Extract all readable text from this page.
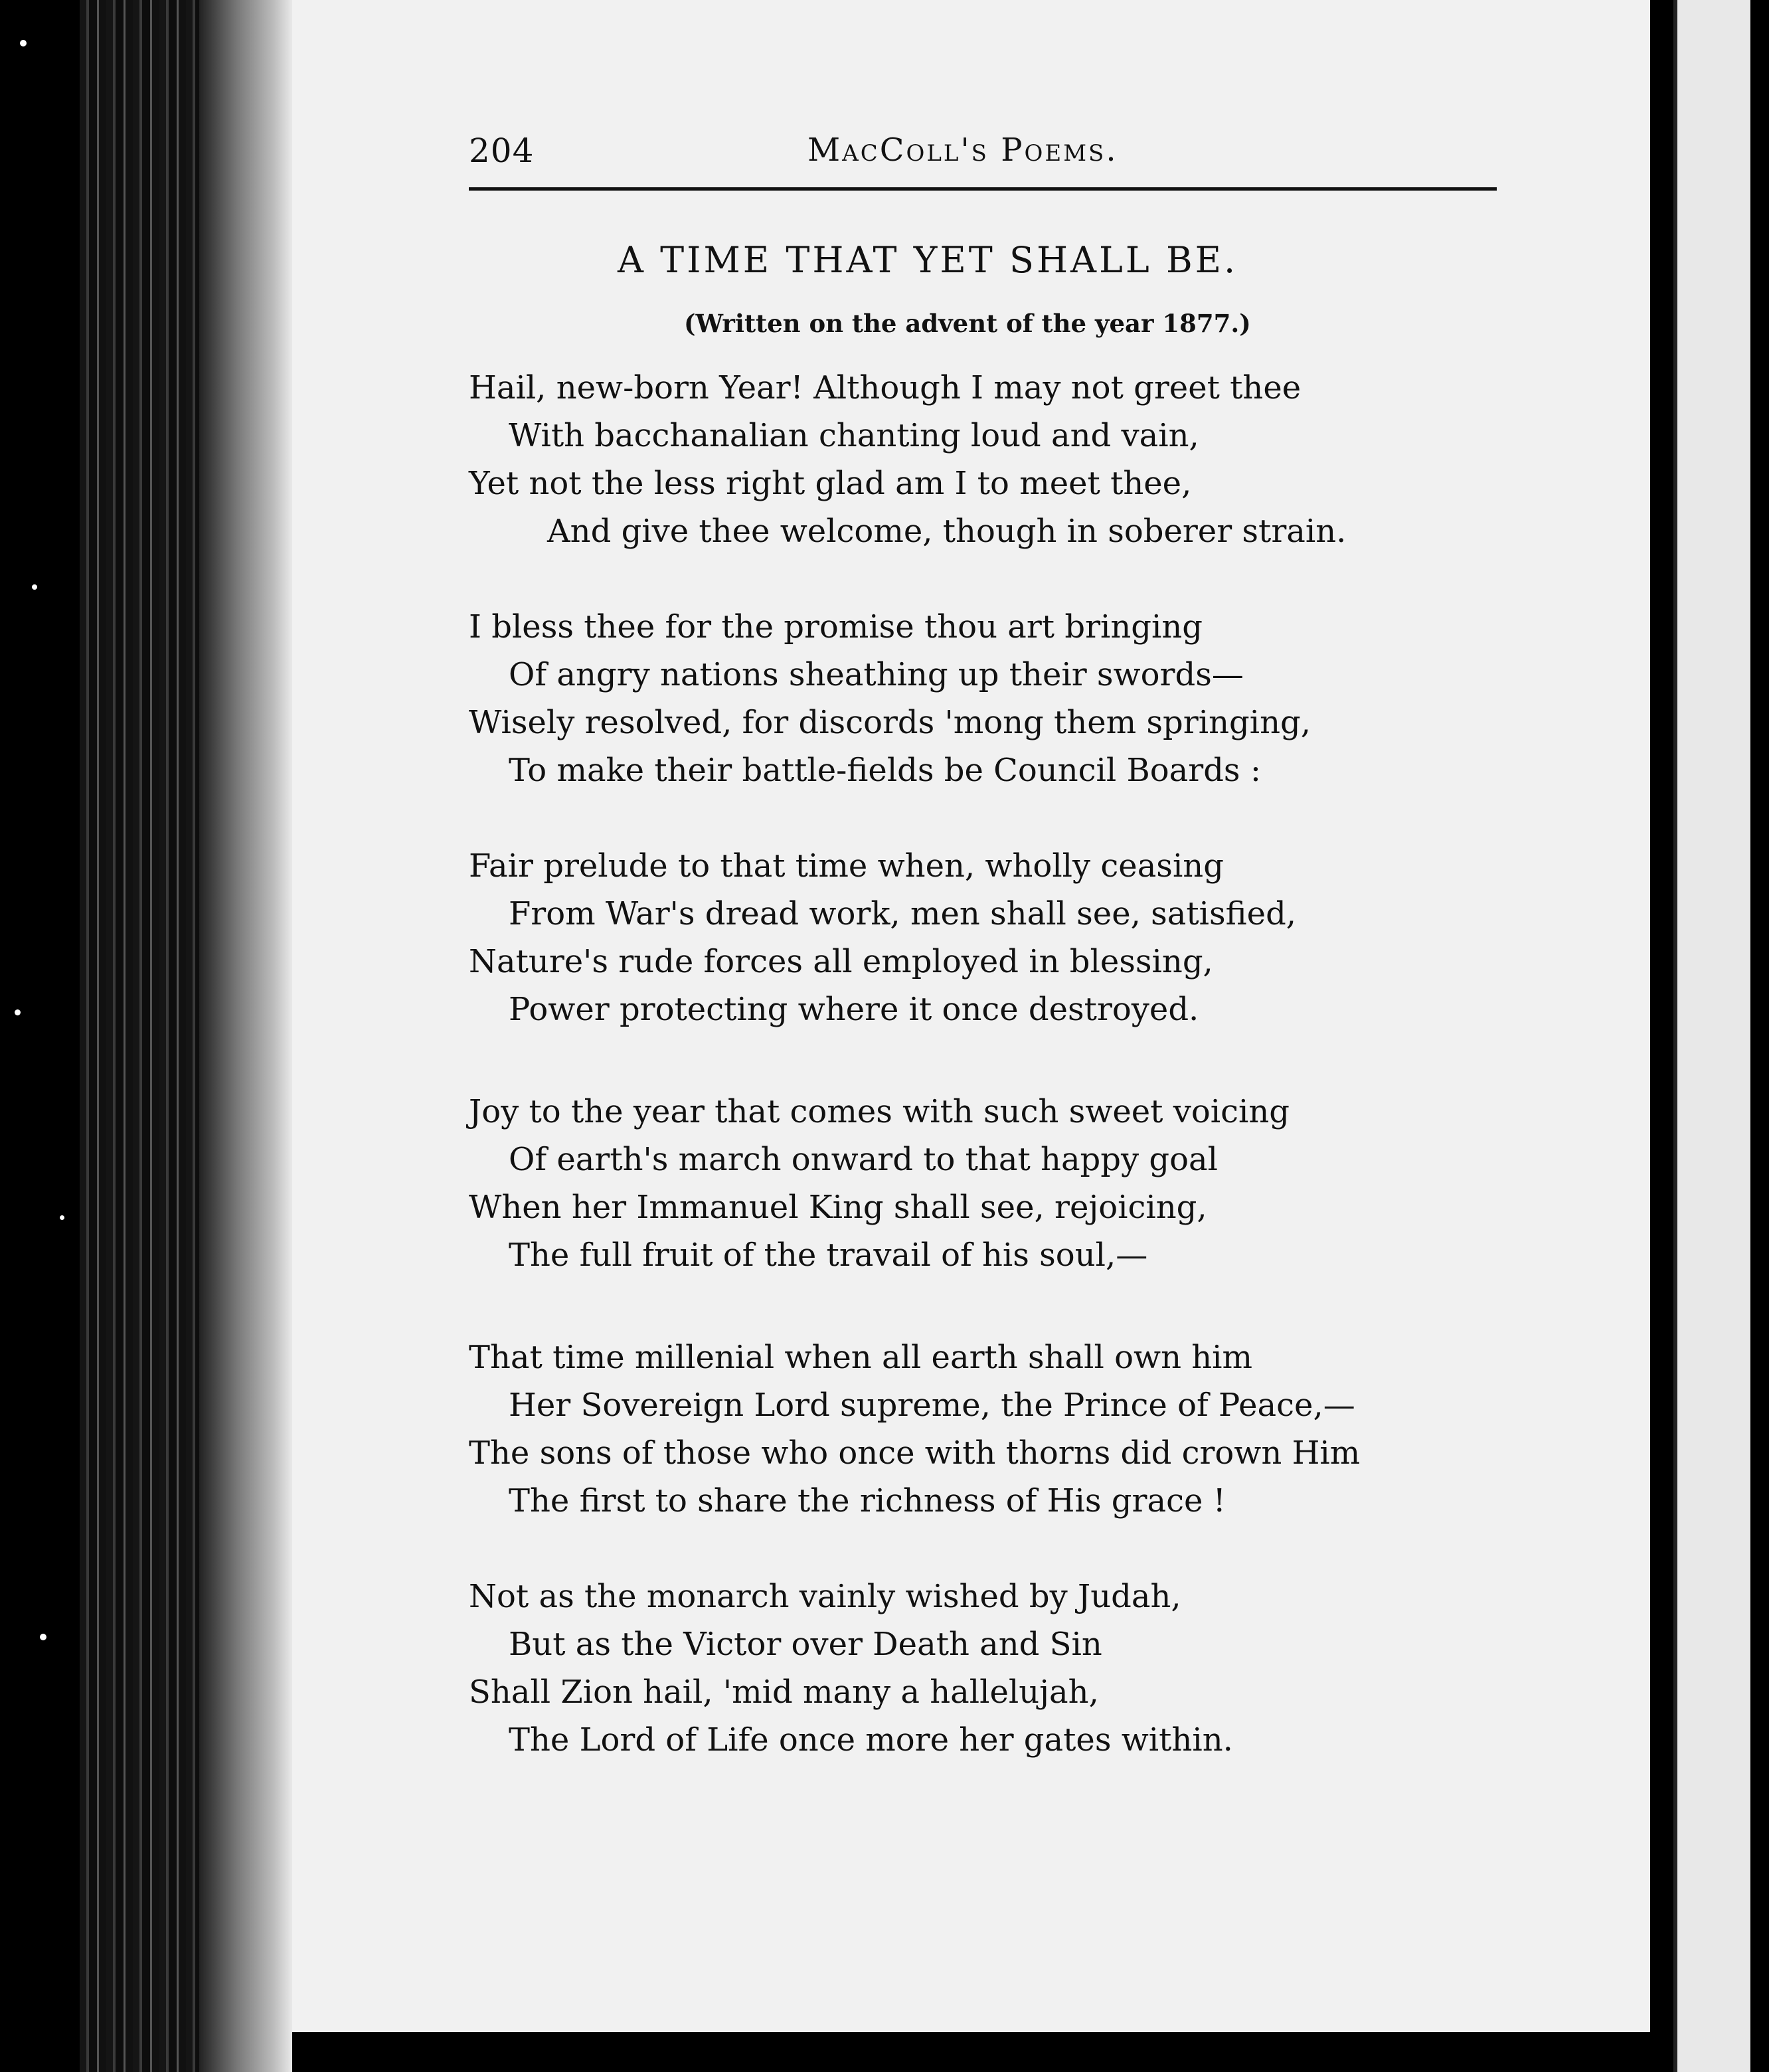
204	MacColl's Poems.
A TIME THAT YET SHALL BE.
(Written on the advent of the year 1877.)
Hail, new-born Year! Although I may not greet thee
With bacchanalian chanting loud and vain,
Yet not the less right glad am I to meet thee,
And give thee welcome, though in soberer strain.
I bless thee for the promise thou art bringing
Of angry nations sheathing up their swords—
Wisely resolved, for discords 'mong them springing,
To make their battle-fields be Council Boards :
Fair prelude to that time when, wholly ceasing
From War's dread work, men shall see, satisfied,
Nature's rude forces all employed in blessing,
Power protecting where it once destroyed.
Joy to the year that comes with such sweet voicing
Of earth's march onward to that happy goal
When her Immanuel King shall see, rejoicing,
The full fruit of the travail of his soul,—
That time millenial when all earth shall own him
Her Sovereign Lord supreme, the Prince of Peace,—
The sons of those who once with thorns did crown Him
The first to share the richness of His grace !
Not as the monarch vainly wished by Judah,
But as the Victor over Death and Sin
Shall Zion hail, 'mid many a hallelujah,
The Lord of Life once more her gates within.
